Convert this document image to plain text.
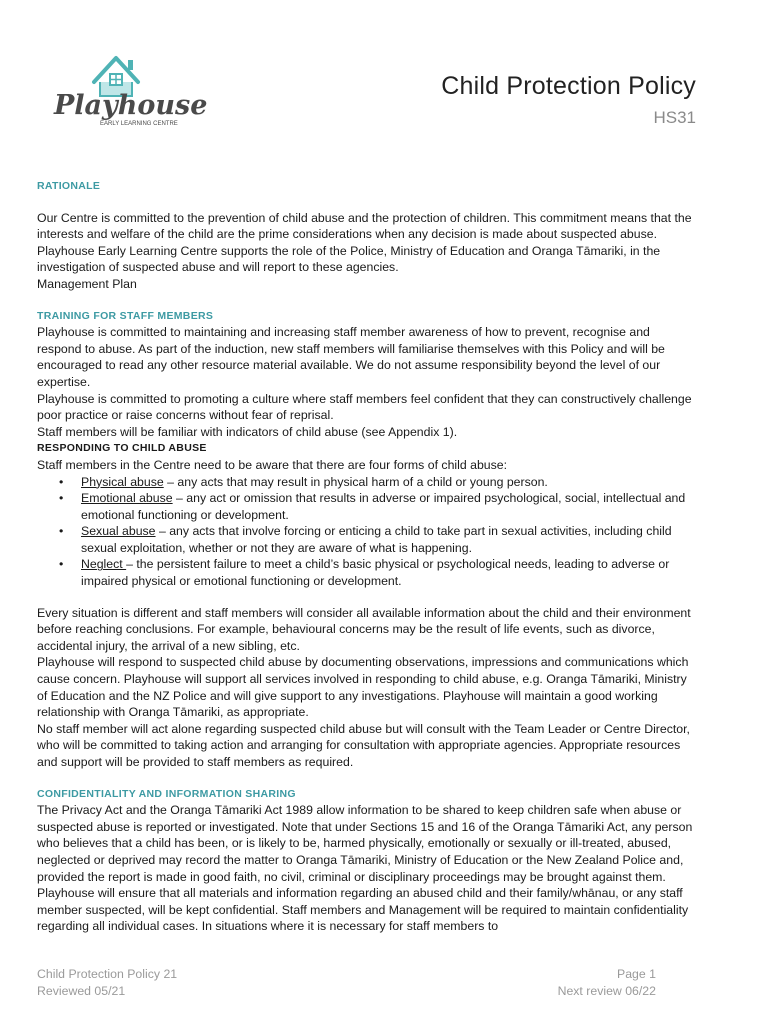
Playhouse
EARLY LEARNING CENTRE
Child Protection Policy
HS31
RATIONALE

Our Centre is committed to the prevention of child abuse and the protection of children. This commitment means that the interests and welfare of the child are the prime considerations when any decision is made about suspected abuse. Playhouse Early Learning Centre supports the role of the Police, Ministry of Education and Oranga Tāmariki, in the investigation of suspected abuse and will report to these agencies.

Management Plan

TRAINING FOR STAFF MEMBERS

Playhouse is committed to maintaining and increasing staff member awareness of how to prevent, recognise and respond to abuse. As part of the induction, new staff members will familiarise themselves with this Policy and will be encouraged to read any other resource material available. We do not assume responsibility beyond the level of our expertise.

Playhouse is committed to promoting a culture where staff members feel confident that they can constructively challenge poor practice or raise concerns without fear of reprisal.

Staff members will be familiar with indicators of child abuse (see Appendix 1).

RESPONDING TO CHILD ABUSE

Staff members in the Centre need to be aware that there are four forms of child abuse:

• Physical abuse – any acts that may result in physical harm of a child or young person.
• Emotional abuse – any act or omission that results in adverse or impaired psychological, social, intellectual and emotional functioning or development.
• Sexual abuse – any acts that involve forcing or enticing a child to take part in sexual activities, including child sexual exploitation, whether or not they are aware of what is happening.
• Neglect – the persistent failure to meet a child’s basic physical or psychological needs, leading to adverse or impaired physical or emotional functioning or development.

Every situation is different and staff members will consider all available information about the child and their environment before reaching conclusions. For example, behavioural concerns may be the result of life events, such as divorce, accidental injury, the arrival of a new sibling, etc.

Playhouse will respond to suspected child abuse by documenting observations, impressions and communications which cause concern. Playhouse will support all services involved in responding to child abuse, e.g. Oranga Tāmariki, Ministry of Education and the NZ Police and will give support to any investigations. Playhouse will maintain a good working relationship with Oranga Tāmariki, as appropriate.

No staff member will act alone regarding suspected child abuse but will consult with the Team Leader or Centre Director, who will be committed to taking action and arranging for consultation with appropriate agencies. Appropriate resources and support will be provided to staff members as required.

CONFIDENTIALITY AND INFORMATION SHARING

The Privacy Act and the Oranga Tāmariki Act 1989 allow information to be shared to keep children safe when abuse or suspected abuse is reported or investigated. Note that under Sections 15 and 16 of the Oranga Tāmariki Act, any person who believes that a child has been, or is likely to be, harmed physically, emotionally or sexually or ill-treated, abused, neglected or deprived may record the matter to Oranga Tāmariki, Ministry of Education or the New Zealand Police and, provided the report is made in good faith, no civil, criminal or disciplinary proceedings may be brought against them.

Playhouse will ensure that all materials and information regarding an abused child and their family/whānau, or any staff member suspected, will be kept confidential. Staff members and Management will be required to maintain confidentiality regarding all individual cases. In situations where it is necessary for staff members to

Child Protection Policy 21
Reviewed 05/21
Page 1
Next review 06/22
